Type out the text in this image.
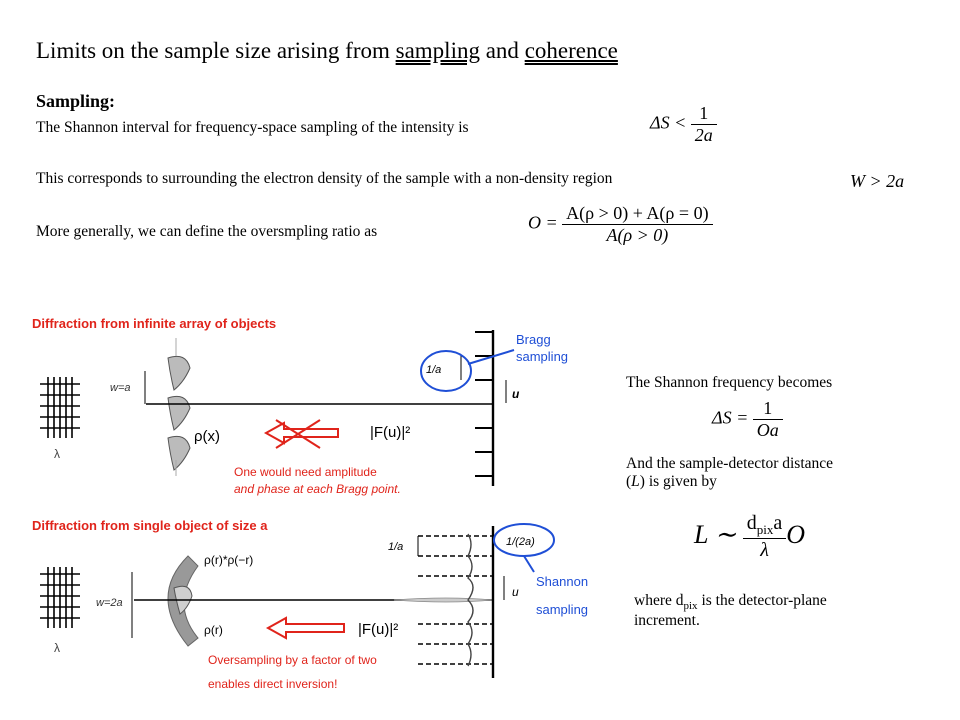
Limits on the sample size arising from sampling and coherence
Sampling:
The Shannon interval for frequency-space sampling of the intensity is	$\Delta S < \frac{1}{2a}$
This corresponds to surrounding the electron density of the sample with a non-density region	W > 2a
More generally, we can define the oversmpling ratio as	$O = \frac{A(\rho > 0) + A(\rho = 0)}{A(\rho > 0)}$
The Shannon frequency becomes
$\Delta S = \frac{1}{Oa}$
And the sample-detector distance
(L) is given by
L ∼ $\frac{d_{pix}a}{\lambda}$ O
where $d_{pix}$ is the detector-plane
increment.
Diffraction from infinite array of objects
λ
w=a
ρ(x)	|F(u)|²
1/a
Bragg
sampling
u
One would need amplitude
and phase at each Bragg point.
Diffraction from single object of size a
λ
w=2a
ρ(r)*ρ(−r)
ρ(r)	|F(u)|²
1/a	1/(2a)
Shannon
sampling
u
Oversampling by a factor of two
enables direct inversion!
